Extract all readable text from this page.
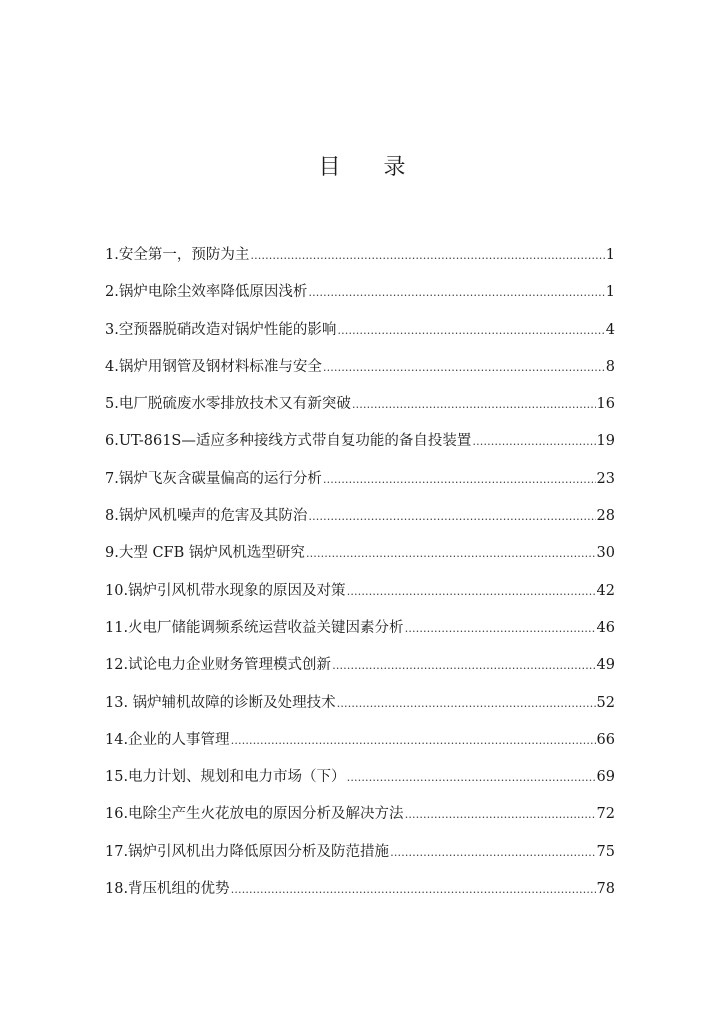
目 录
1.安全第一，预防为主 ……………………………………………………………………………………………………………………………………………………………………	1
2.锅炉电除尘效率降低原因浅析 ……………………………………………………………………………………………………………………………………………………………………	1
3.空预器脱硝改造对锅炉性能的影响 ……………………………………………………………………………………………………………………………………………………………………	4
4.锅炉用钢管及钢材料标准与安全 ……………………………………………………………………………………………………………………………………………………………………	8
5.电厂脱硫废水零排放技术又有新突破 ……………………………………………………………………………………………………………………………………………………………………	16
6.UT-861S—适应多种接线方式带自复功能的备自投装置 ……………………………………………………………………………………………………………………………………………………………………	19
7.锅炉飞灰含碳量偏高的运行分析 ……………………………………………………………………………………………………………………………………………………………………	23
8.锅炉风机噪声的危害及其防治 ……………………………………………………………………………………………………………………………………………………………………	28
9.大型 CFB 锅炉风机选型研究 ……………………………………………………………………………………………………………………………………………………………………	30
10.锅炉引风机带水现象的原因及对策 ……………………………………………………………………………………………………………………………………………………………………	42
11.火电厂储能调频系统运营收益关键因素分析 ……………………………………………………………………………………………………………………………………………………………………	46
12.试论电力企业财务管理模式创新 ……………………………………………………………………………………………………………………………………………………………………	49
13. 锅炉辅机故障的诊断及处理技术 ……………………………………………………………………………………………………………………………………………………………………	52
14.企业的人事管理 ……………………………………………………………………………………………………………………………………………………………………	66
15.电力计划、规划和电力市场（下） ……………………………………………………………………………………………………………………………………………………………………	69
16.电除尘产生火花放电的原因分析及解决方法 ……………………………………………………………………………………………………………………………………………………………………	72
17.锅炉引风机出力降低原因分析及防范措施 ……………………………………………………………………………………………………………………………………………………………………	75
18.背压机组的优势 ……………………………………………………………………………………………………………………………………………………………………	78
